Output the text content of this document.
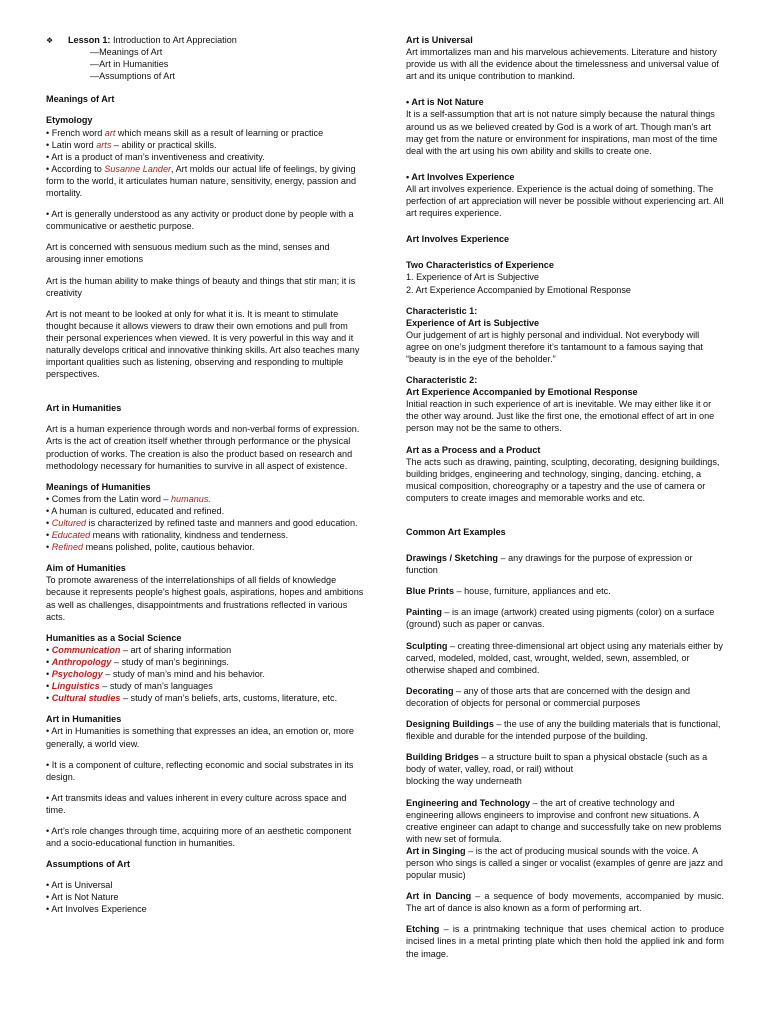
❖ Lesson 1: Introduction to Art Appreciation

—Meanings of Art

—Art in Humanities

—Assumptions of Art

Meanings of Art

Etymology

• French word art which means skill as a result of learning or practice

• Latin word arts – ability or practical skills.

• Art is a product of man’s inventiveness and creativity.

• According to Susanne Lander, Art molds our actual life of feelings, by giving form to the world, it articulates human nature, sensitivity, energy, passion and mortality.

• Art is generally understood as any activity or product done by people with a communicative or aesthetic purpose.

Art is concerned with sensuous medium such as the mind, senses and arousing inner emotions

Art is the human ability to make things of beauty and things that stir man; it is creativity

Art is not meant to be looked at only for what it is. It is meant to stimulate thought because it allows viewers to draw their own emotions and pull from their personal experiences when viewed. It is very powerful in this way and it naturally develops critical and innovative thinking skills. Art also teaches many important qualities such as listening, observing and responding to multiple perspectives.

Art in Humanities

Art is a human experience through words and non-verbal forms of expression. Arts is the act of creation itself whether through performance or the physical production of works. The creation is also the product based on research and methodology necessary for humanities to survive in all aspect of existence.

Meanings of Humanities

• Comes from the Latin word – humanus.

• A human is cultured, educated and refined.

• Cultured is characterized by refined taste and manners and good education.

• Educated means with rationality, kindness and tenderness.

• Refined means polished, polite, cautious behavior.

Aim of Humanities

To promote awareness of the interrelationships of all fields of knowledge because it represents people’s highest goals, aspirations, hopes and ambitions as well as challenges, disappointments and frustrations reflected in various acts.

Humanities as a Social Science

• Communication – art of sharing information

• Anthropology – study of man’s beginnings.

• Psychology – study of man’s mind and his behavior.

• Linguistics – study of man’s languages

• Cultural studies – study of man’s beliefs, arts, customs, literature, etc.

Art in Humanities

• Art in Humanities is something that expresses an idea, an emotion or, more generally, a world view.

• It is a component of culture, reflecting economic and social substrates in its design.

• Art transmits ideas and values inherent in every culture across space and time.

• Art’s role changes through time, acquiring more of an aesthetic component and a socio-educational function in humanities.

Assumptions of Art

• Art is Universal

• Art is Not Nature

• Art Involves Experience

Art is Universal

Art immortalizes man and his marvelous achievements. Literature and history provide us with all the evidence about the timelessness and universal value of art and its unique contribution to mankind.

• Art is Not Nature

It is a self-assumption that art is not nature simply because the natural things around us as we believed created by God is a work of art. Though man’s art may get from the nature or environment for inspirations, man most of the time deal with the art using his own ability and skills to create one.

• Art Involves Experience

All art involves experience. Experience is the actual doing of something. The perfection of art appreciation will never be possible without experiencing art. All art requires experience.

Art Involves Experience

Two Characteristics of Experience

1. Experience of Art is Subjective

2. Art Experience Accompanied by Emotional Response

Characteristic 1:

Experience of Art is Subjective

Our judgement of art is highly personal and individual. Not everybody will agree on one’s judgment therefore it’s tantamount to a famous saying that “beauty is in the eye of the beholder.”

Characteristic 2:

Art Experience Accompanied by Emotional Response

Initial reaction in such experience of art is inevitable. We may either like it or the other way around. Just like the first one, the emotional effect of art in one person may not be the same to others.

Art as a Process and a Product

The acts such as drawing, painting, sculpting, decorating, designing buildings, building bridges, engineering and technology, singing, dancing. etching, a musical composition, choreography or a tapestry and the use of camera or computers to create images and memorable works and etc.

Common Art Examples

Drawings / Sketching – any drawings for the purpose of expression or function

Blue Prints – house, furniture, appliances and etc.

Painting – is an image (artwork) created using pigments (color) on a surface (ground) such as paper or canvas.

Sculpting – creating three-dimensional art object using any materials either by carved, modeled, molded, cast, wrought, welded, sewn, assembled, or otherwise shaped and combined.

Decorating – any of those arts that are concerned with the design and decoration of objects for personal or commercial purposes

Designing Buildings – the use of any the building materials that is functional, flexible and durable for the intended purpose of the building.

Building Bridges – a structure built to span a physical obstacle (such as a body of water, valley, road, or rail) without

blocking the way underneath

Engineering and Technology – the art of creative technology and engineering allows engineers to improvise and confront new situations. A creative engineer can adapt to change and successfully take on new problems with new set of formula.

Art in Singing – is the act of producing musical sounds with the voice. A person who sings is called a singer or vocalist (examples of genre are jazz and popular music)

Art in Dancing – a sequence of body movements, accompanied by music. The art of dance is also known as a form of performing art.

Etching – is a printmaking technique that uses chemical action to produce incised lines in a metal printing plate which then hold the applied ink and form the image.
